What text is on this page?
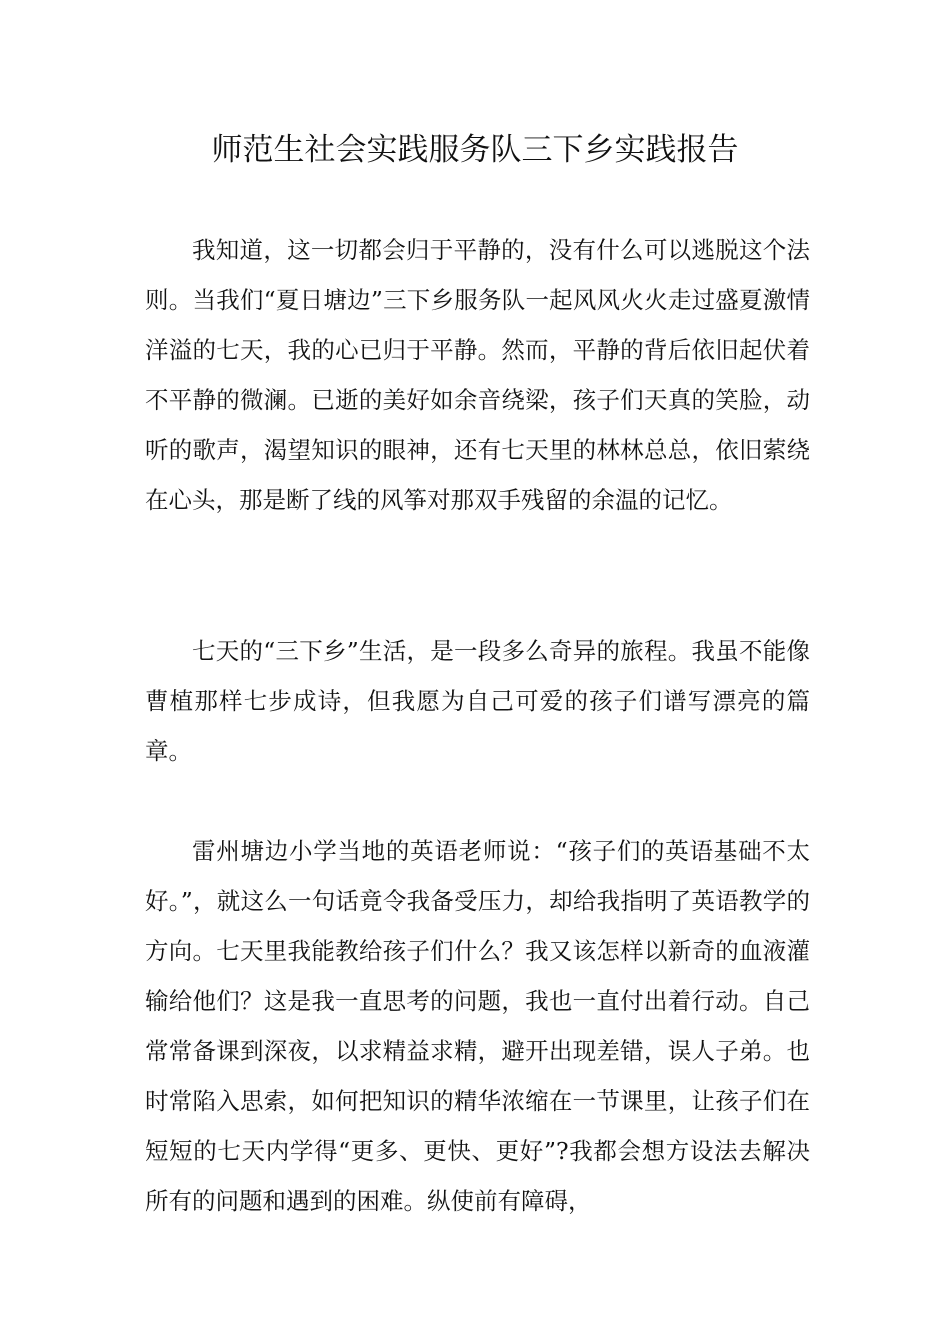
师范生社会实践服务队三下乡实践报告

我知道，这一切都会归于平静的，没有什么可以逃脱这个法则。当我们“夏日塘边”三下乡服务队一起风风火火走过盛夏激情洋溢的七天，我的心已归于平静。然而，平静的背后依旧起伏着不平静的微澜。已逝的美好如余音绕梁，孩子们天真的笑脸，动听的歌声，渴望知识的眼神，还有七天里的林林总总，依旧萦绕在心头，那是断了线的风筝对那双手残留的余温的记忆。

七天的“三下乡”生活，是一段多么奇异的旅程。我虽不能像曹植那样七步成诗，但我愿为自己可爱的孩子们谱写漂亮的篇章。

雷州塘边小学当地的英语老师说：“孩子们的英语基础不太好。”，就这么一句话竟令我备受压力，却给我指明了英语教学的方向。七天里我能教给孩子们什么？我又该怎样以新奇的血液灌输给他们？这是我一直思考的问题，我也一直付出着行动。自己常常备课到深夜，以求精益求精，避开出现差错，误人子弟。也时常陷入思索，如何把知识的精华浓缩在一节课里，让孩子们在短短的七天内学得“更多、更快、更好”?我都会想方设法去解决所有的问题和遇到的困难。纵使前有障碍，
